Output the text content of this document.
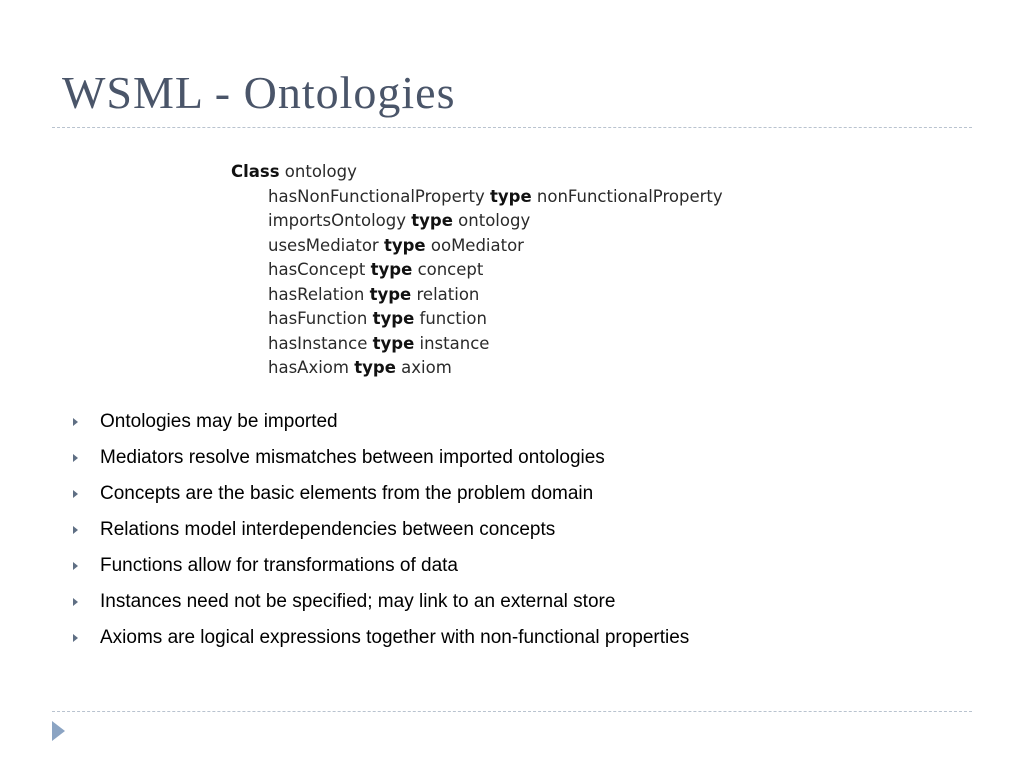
WSML - Ontologies
Class ontology
hasNonFunctionalProperty type nonFunctionalProperty
importsOntology type ontology
usesMediator type ooMediator
hasConcept type concept
hasRelation type relation
hasFunction type function
hasInstance type instance
hasAxiom type axiom
Ontologies may be imported
Mediators resolve mismatches between imported ontologies
Concepts are the basic elements from the problem domain
Relations model interdependencies between concepts
Functions allow for transformations of data
Instances need not be specified; may link to an external store
Axioms are logical expressions together with non-functional properties
